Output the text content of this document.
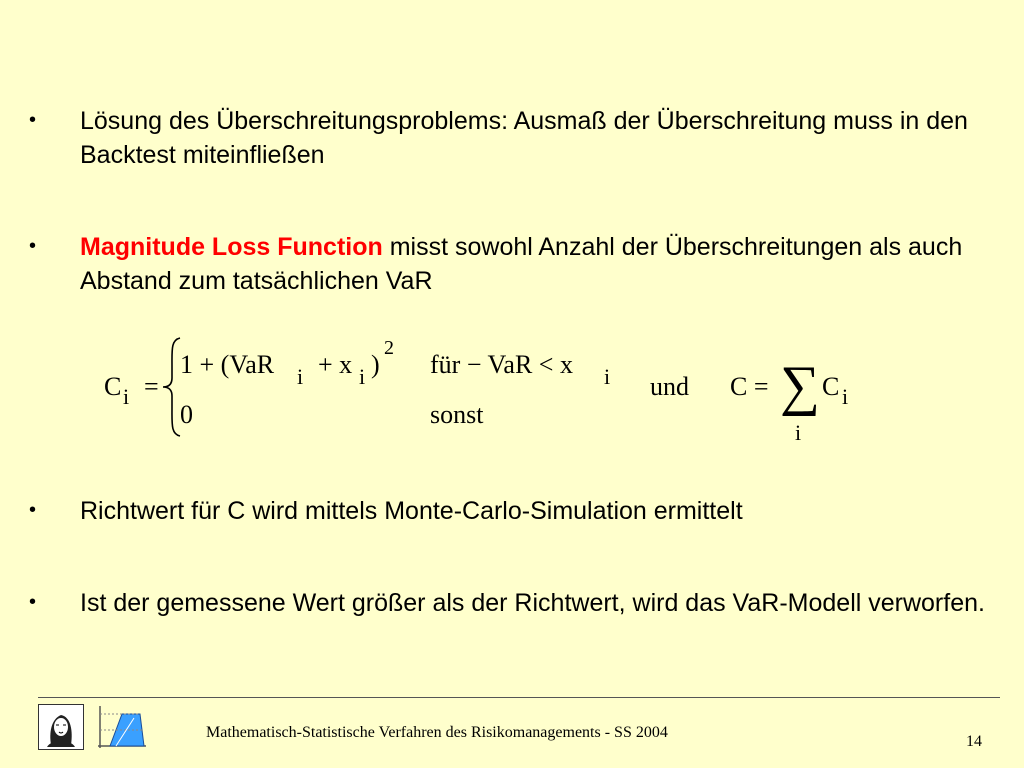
• Lösung des Überschreitungsproblems: Ausmaß der Überschreitung muss in den Backtest miteinfließen
• Magnitude Loss Function misst sowohl Anzahl der Überschreitungen als auch Abstand zum tatsächlichen VaR
C i =
1 + (VaR i + x i )
2
für − VaR < x i
0	sonst
und C = ∑ C i
i
• Richtwert für C wird mittels Monte-Carlo-Simulation ermittelt
• Ist der gemessene Wert größer als der Richtwert, wird das VaR-Modell verworfen.
Mathematisch-Statistische Verfahren des Risikomanagements - SS 2004
14
